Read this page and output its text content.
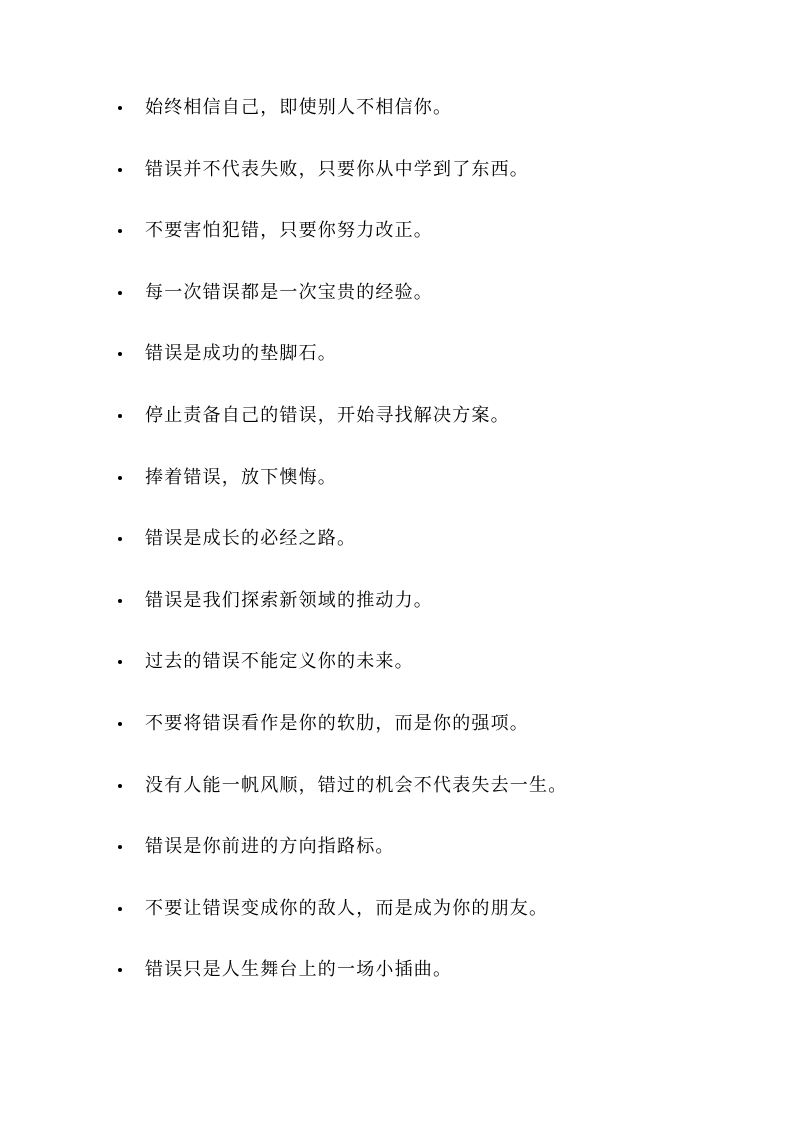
始终相信自己，即使别人不相信你。
错误并不代表失败，只要你从中学到了东西。
不要害怕犯错，只要你努力改正。
每一次错误都是一次宝贵的经验。
错误是成功的垫脚石。
停止责备自己的错误，开始寻找解决方案。
捧着错误，放下懊悔。
错误是成长的必经之路。
错误是我们探索新领域的推动力。
过去的错误不能定义你的未来。
不要将错误看作是你的软肋，而是你的强项。
没有人能一帆风顺，错过的机会不代表失去一生。
错误是你前进的方向指路标。
不要让错误变成你的敌人，而是成为你的朋友。
错误只是人生舞台上的一场小插曲。
